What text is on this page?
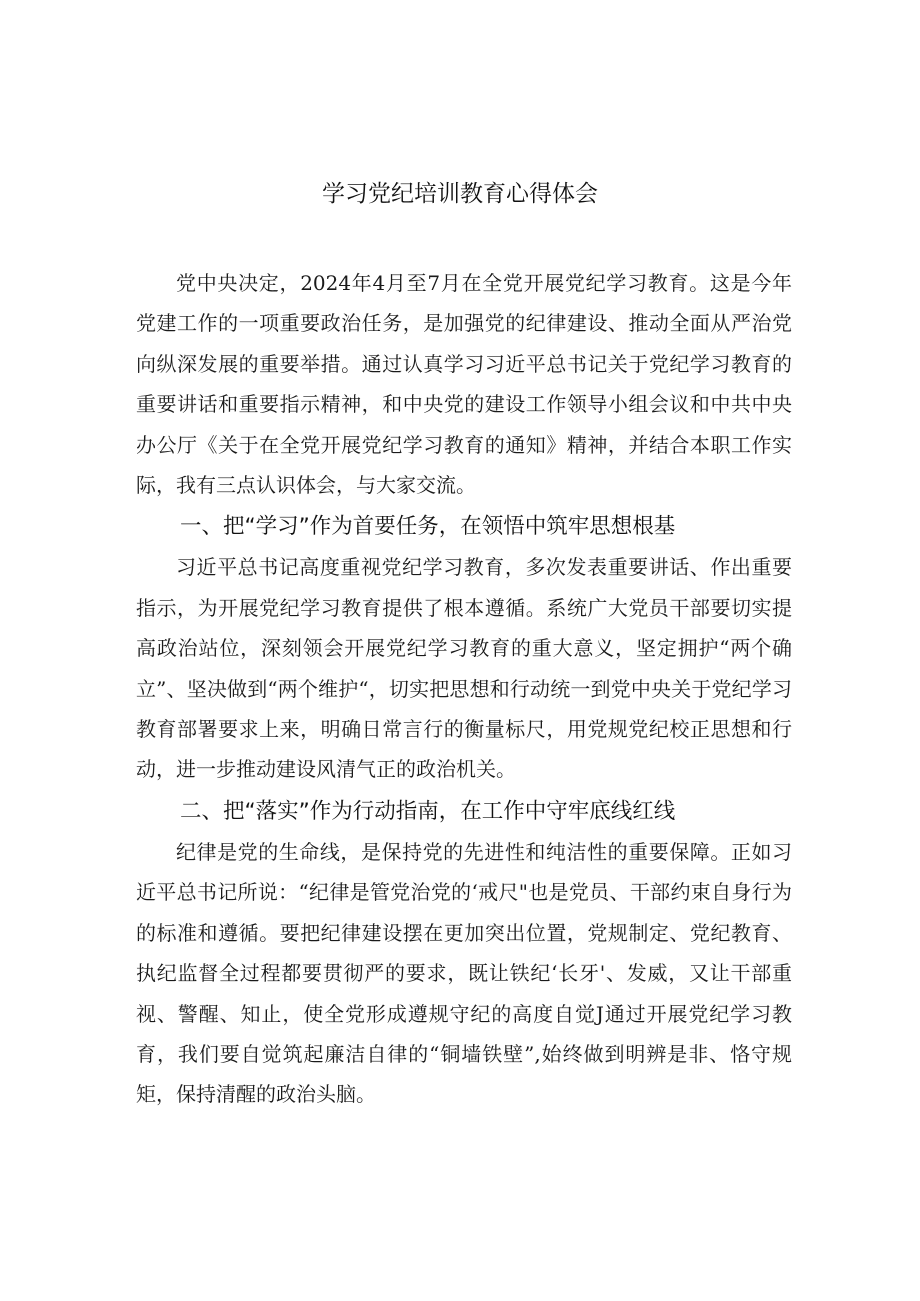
学习党纪培训教育心得体会

党中央决定，2024年4月至7月在全党开展党纪学习教育。这是今年党建工作的一项重要政治任务，是加强党的纪律建设、推动全面从严治党向纵深发展的重要举措。通过认真学习习近平总书记关于党纪学习教育的重要讲话和重要指示精神，和中央党的建设工作领导小组会议和中共中央办公厅《关于在全党开展党纪学习教育的通知》精神，并结合本职工作实际，我有三点认识体会，与大家交流。

一、把“学习”作为首要任务，在领悟中筑牢思想根基

习近平总书记高度重视党纪学习教育，多次发表重要讲话、作出重要指示，为开展党纪学习教育提供了根本遵循。系统广大党员干部要切实提高政治站位，深刻领会开展党纪学习教育的重大意义，坚定拥护“两个确立”、坚决做到“两个维护“，切实把思想和行动统一到党中央关于党纪学习教育部署要求上来，明确日常言行的衡量标尺，用党规党纪校正思想和行动，进一步推动建设风清气正的政治机关。

二、把“落实”作为行动指南，在工作中守牢底线红线

纪律是党的生命线，是保持党的先进性和纯洁性的重要保障。正如习近平总书记所说：“纪律是管党治党的‘戒尺"也是党员、干部约束自身行为的标准和遵循。要把纪律建设摆在更加突出位置，党规制定、党纪教育、执纪监督全过程都要贯彻严的要求，既让铁纪‘长牙'、发威，又让干部重视、警醒、知止，使全党形成遵规守纪的高度自觉J通过开展党纪学习教育，我们要自觉筑起廉洁自律的“铜墙铁壁”,始终做到明辨是非、恪守规矩，保持清醒的政治头脑。
